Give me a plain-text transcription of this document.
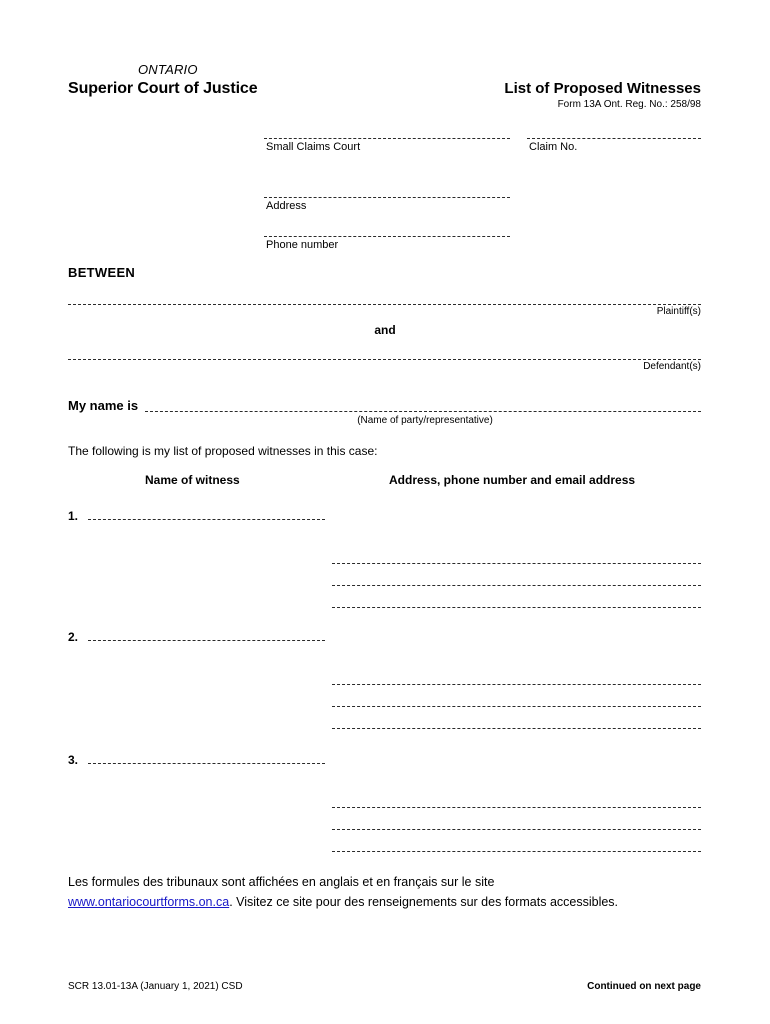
ONTARIO
Superior Court of Justice	List of Proposed Witnesses
Form 13A Ont. Reg. No.: 258/98
Small Claims Court	Claim No.
Address
Phone number
BETWEEN
Plaintiff(s)
and
Defendant(s)
My name is
(Name of party/representative)
The following is my list of proposed witnesses in this case:
Name of witness	Address, phone number and email address
1.
2.
3.
Les formules des tribunaux sont affichées en anglais et en français sur le site
www.ontariocourtforms.on.ca. Visitez ce site pour des renseignements sur des formats accessibles.
SCR 13.01-13A (January 1, 2021) CSD	Continued on next page
